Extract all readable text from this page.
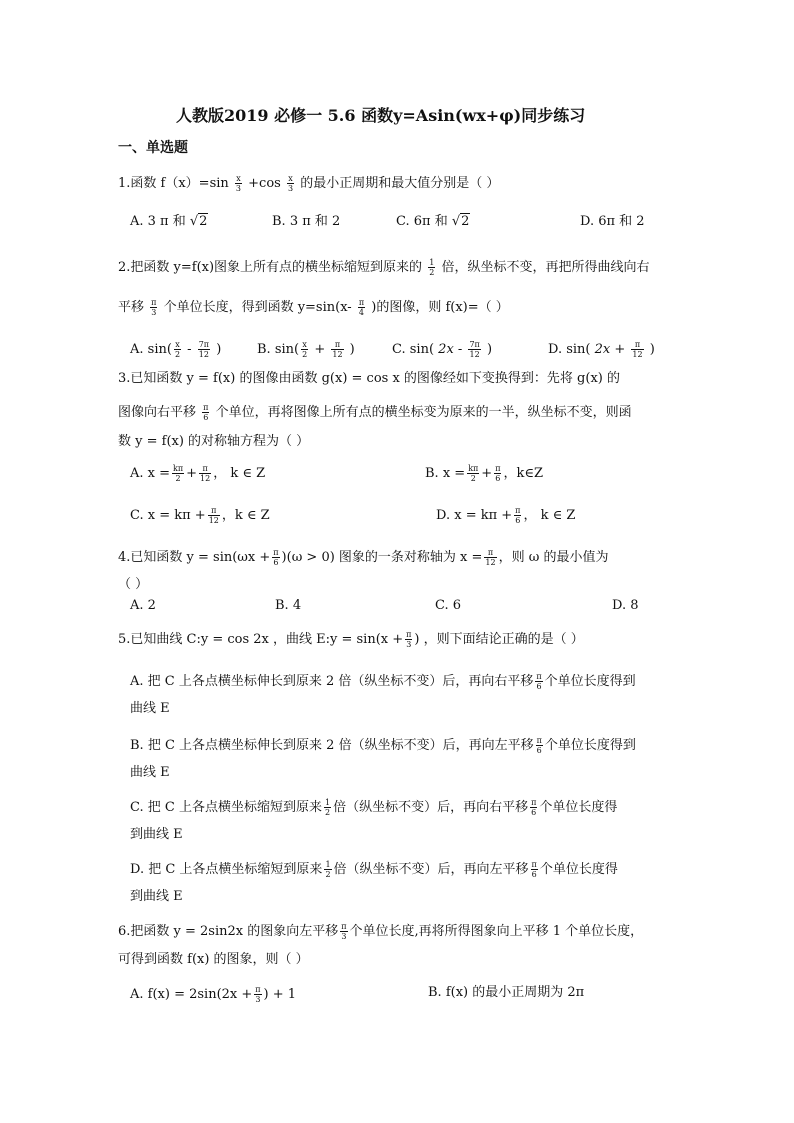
人教版2019 必修一 5.6 函数y=Asin(wx+φ)同步练习
一、单选题
1.函数 $f(x)=\sin \frac{x}{3} +\cos \frac{x}{3}$ 的最小正周期和最大值分别是（ ）
A. 3 π 和 √2	B. 3 π 和 2	C. 6π 和 √2	D. 6π 和 2
2.把函数 y=f(x)图象上所有点的横坐标缩短到原来的 $\frac{1}{2}$ 倍，纵坐标不变，再把所得曲线向右
平移 $\frac{\pi}{3}$ 个单位长度，得到函数 $y=\sin(x- \frac{\pi}{4}$ )的图像，则 f(x)=（ ）
A. $\sin( \frac{x}{2} - \frac{7\pi}{12}$ )	B. $\sin( \frac{x}{2} + \frac{\pi}{12}$ )	C. sin( $2x - \frac{7\pi}{12}$ )	D. sin( $2x + \frac{\pi}{12}$ )
3.已知函数 y = f(x) 的图像由函数 g(x) = cos x 的图像经如下变换得到：先将 g(x) 的
图像向右平移 $\frac{\pi}{6}$ 个单位，再将图像上所有点的横坐标变为原来的一半，纵坐标不变，则函
数 y = f(x) 的对称轴方程为（ ）
A. $x = \frac{k\pi}{2} + \frac{\pi}{12}$ ， k ∈ Z	B. $x = \frac{k\pi}{2} + \frac{\pi}{6}$ ，k∈Z
C. $x = k\pi + \frac{\pi}{12}$ ，k ∈ Z	D. $x = k\pi + \frac{\pi}{6}$ ， k ∈ Z
4.已知函数 $y = \sin(\omega x + \frac{\pi}{6} )(\omega > 0)$ 图象的一条对称轴为 $x = \frac{\pi}{12}$ ，则 ω 的最小值为
（ ）
A. 2	B. 4	C. 6	D. 8
5.已知曲线 C:y = cos 2x ，曲线 E:y = $\sin(x + \frac{\pi}{3}$ ) ，则下面结论正确的是（ ）
A. 把 C 上各点横坐标伸长到原来 2 倍（纵坐标不变）后，再向右平移 $\frac{\pi}{6}$ 个单位长度得到
曲线 E
B. 把 C 上各点横坐标伸长到原来 2 倍（纵坐标不变）后，再向左平移 $\frac{\pi}{6}$ 个单位长度得到
曲线 E
C. 把 C 上各点横坐标缩短到原来 $\frac{1}{2}$ 倍（纵坐标不变）后，再向右平移 $\frac{\pi}{6}$ 个单位长度得
到曲线 E
D. 把 C 上各点横坐标缩短到原来 $\frac{1}{2}$ 倍（纵坐标不变）后，再向左平移 $\frac{\pi}{6}$ 个单位长度得
到曲线 E
6.把函数 y = 2sin2x 的图象向左平移 $\frac{\pi}{3}$ 个单位长度,再将所得图象向上平移 1 个单位长度，
可得到函数 f(x) 的图象，则（ ）
A. $f(x) = 2\sin(2x + \frac{\pi}{3}$ ) + 1	B. f(x) 的最小正周期为 2π
